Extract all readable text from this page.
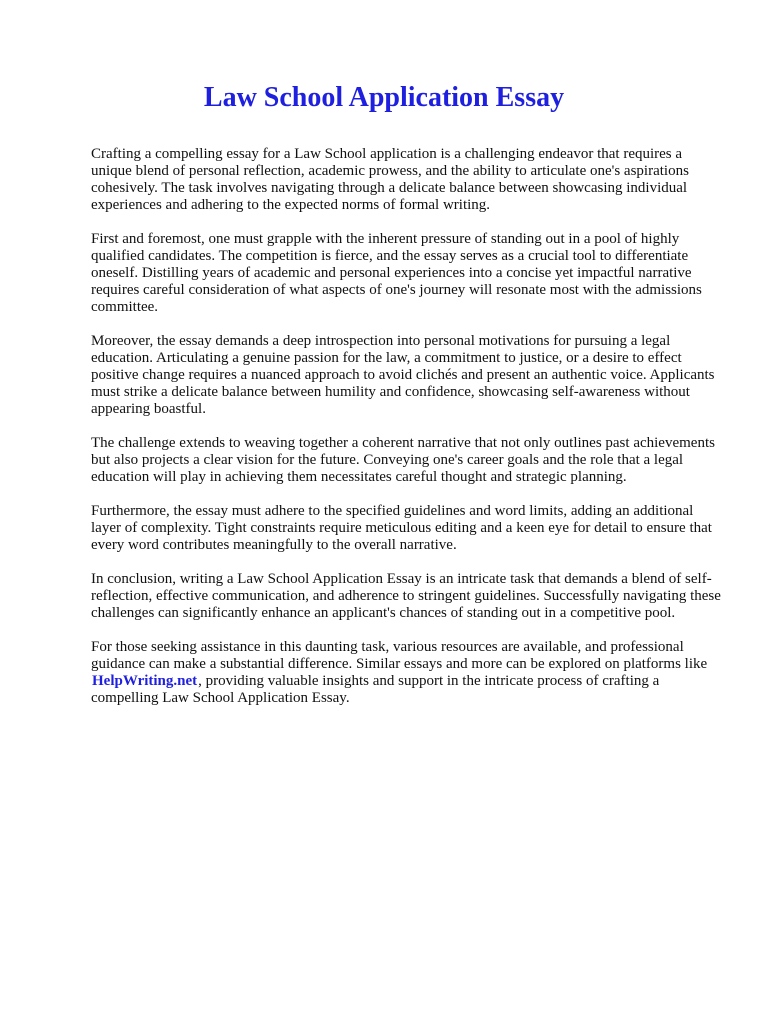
Law School Application Essay

Crafting a compelling essay for a Law School application is a challenging endeavor that requires a unique blend of personal reflection, academic prowess, and the ability to articulate one's aspirations cohesively. The task involves navigating through a delicate balance between showcasing individual experiences and adhering to the expected norms of formal writing.

First and foremost, one must grapple with the inherent pressure of standing out in a pool of highly qualified candidates. The competition is fierce, and the essay serves as a crucial tool to differentiate oneself. Distilling years of academic and personal experiences into a concise yet impactful narrative requires careful consideration of what aspects of one's journey will resonate most with the admissions committee.

Moreover, the essay demands a deep introspection into personal motivations for pursuing a legal education. Articulating a genuine passion for the law, a commitment to justice, or a desire to effect positive change requires a nuanced approach to avoid clichés and present an authentic voice. Applicants must strike a delicate balance between humility and confidence, showcasing self-awareness without appearing boastful.

The challenge extends to weaving together a coherent narrative that not only outlines past achievements but also projects a clear vision for the future. Conveying one's career goals and the role that a legal education will play in achieving them necessitates careful thought and strategic planning.

Furthermore, the essay must adhere to the specified guidelines and word limits, adding an additional layer of complexity. Tight constraints require meticulous editing and a keen eye for detail to ensure that every word contributes meaningfully to the overall narrative.

In conclusion, writing a Law School Application Essay is an intricate task that demands a blend of self-reflection, effective communication, and adherence to stringent guidelines. Successfully navigating these challenges can significantly enhance an applicant's chances of standing out in a competitive pool.

For those seeking assistance in this daunting task, various resources are available, and professional guidance can make a substantial difference. Similar essays and more can be explored on platforms like HelpWriting.net, providing valuable insights and support in the intricate process of crafting a compelling Law School Application Essay.
